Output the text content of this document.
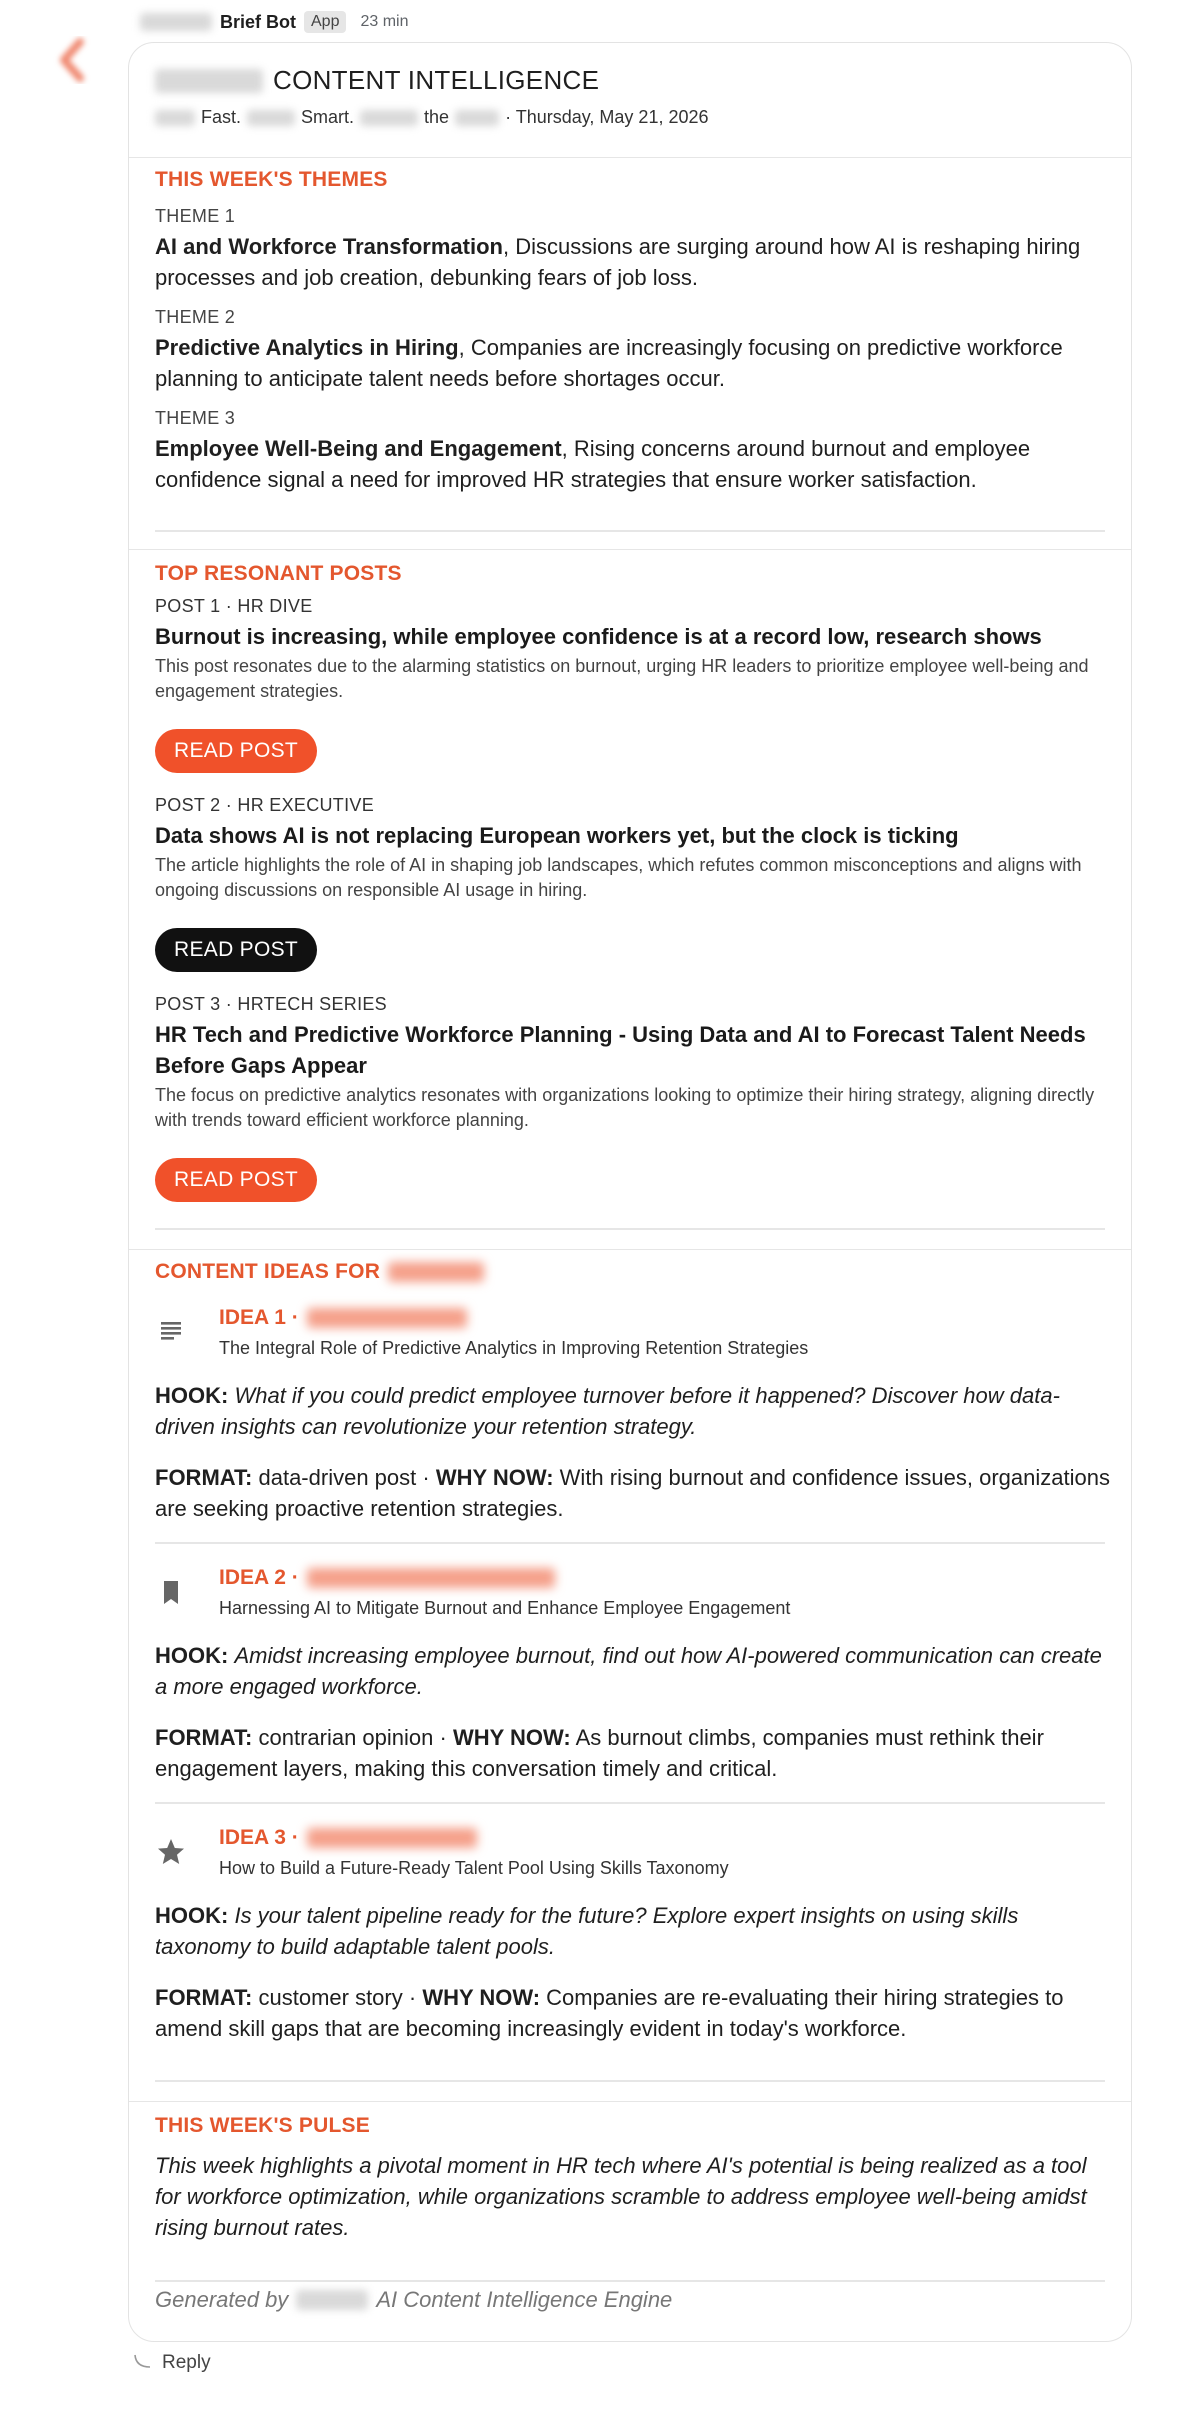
Brief Bot App	23 min
CONTENT INTELLIGENCE
Fast.	Smart.	the	· Thursday, May 21, 2026
THIS WEEK'S THEMES
THEME 1
AI and Workforce Transformation, Discussions are surging around how AI is reshaping hiring processes and job creation, debunking fears of job loss.
THEME 2
Predictive Analytics in Hiring, Companies are increasingly focusing on predictive workforce planning to anticipate talent needs before shortages occur.
THEME 3
Employee Well-Being and Engagement, Rising concerns around burnout and employee confidence signal a need for improved HR strategies that ensure worker satisfaction.
TOP RESONANT POSTS
POST 1 · HR DIVE
Burnout is increasing, while employee confidence is at a record low, research shows
This post resonates due to the alarming statistics on burnout, urging HR leaders to prioritize employee well-being and engagement strategies.
READ POST
POST 2 · HR EXECUTIVE
Data shows AI is not replacing European workers yet, but the clock is ticking
The article highlights the role of AI in shaping job landscapes, which refutes common misconceptions and aligns with ongoing discussions on responsible AI usage in hiring.
READ POST
POST 3 · HRTECH SERIES
HR Tech and Predictive Workforce Planning - Using Data and AI to Forecast Talent Needs Before Gaps Appear
The focus on predictive analytics resonates with organizations looking to optimize their hiring strategy, aligning directly with trends toward efficient workforce planning.
READ POST
CONTENT IDEAS FOR
IDEA 1 ·
The Integral Role of Predictive Analytics in Improving Retention Strategies
HOOK: What if you could predict employee turnover before it happened? Discover how data-driven insights can revolutionize your retention strategy.
FORMAT: data-driven post · WHY NOW: With rising burnout and confidence issues, organizations are seeking proactive retention strategies.
IDEA 2 ·
Harnessing AI to Mitigate Burnout and Enhance Employee Engagement
HOOK: Amidst increasing employee burnout, find out how AI-powered communication can create a more engaged workforce.
FORMAT: contrarian opinion · WHY NOW: As burnout climbs, companies must rethink their engagement layers, making this conversation timely and critical.
IDEA 3 ·
How to Build a Future-Ready Talent Pool Using Skills Taxonomy
HOOK: Is your talent pipeline ready for the future? Explore expert insights on using skills taxonomy to build adaptable talent pools.
FORMAT: customer story · WHY NOW: Companies are re-evaluating their hiring strategies to amend skill gaps that are becoming increasingly evident in today's workforce.
THIS WEEK'S PULSE
This week highlights a pivotal moment in HR tech where AI's potential is being realized as a tool for workforce optimization, while organizations scramble to address employee well-being amidst rising burnout rates.
Generated by	AI Content Intelligence Engine
Reply
